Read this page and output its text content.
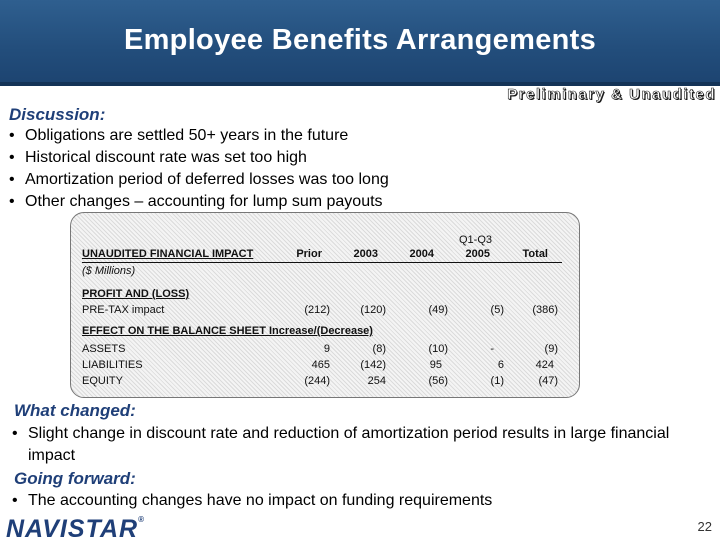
Employee Benefits Arrangements
Preliminary & Unaudited
Discussion:
• Obligations are settled 50+ years in the future
• Historical discount rate was set too high
• Amortization period of deferred losses was too long
• Other changes – accounting for lump sum payouts
Q1-Q3
UNAUDITED FINANCIAL IMPACT	Prior	2003	2004	2005	Total
($ Millions)
PROFIT AND (LOSS)
PRE-TAX impact	(212)	(120)	(49)	(5)	(386)
EFFECT ON THE BALANCE SHEET Increase/(Decrease)
ASSETS	9	(8)	(10)	-	(9)
LIABILITIES	465	(142)	95	6	424
EQUITY	(244)	254	(56)	(1)	(47)
What changed:
• Slight change in discount rate and reduction of amortization period results in large financial impact
Going forward:
• The accounting changes have no impact on funding requirements
NAVISTAR®	22
